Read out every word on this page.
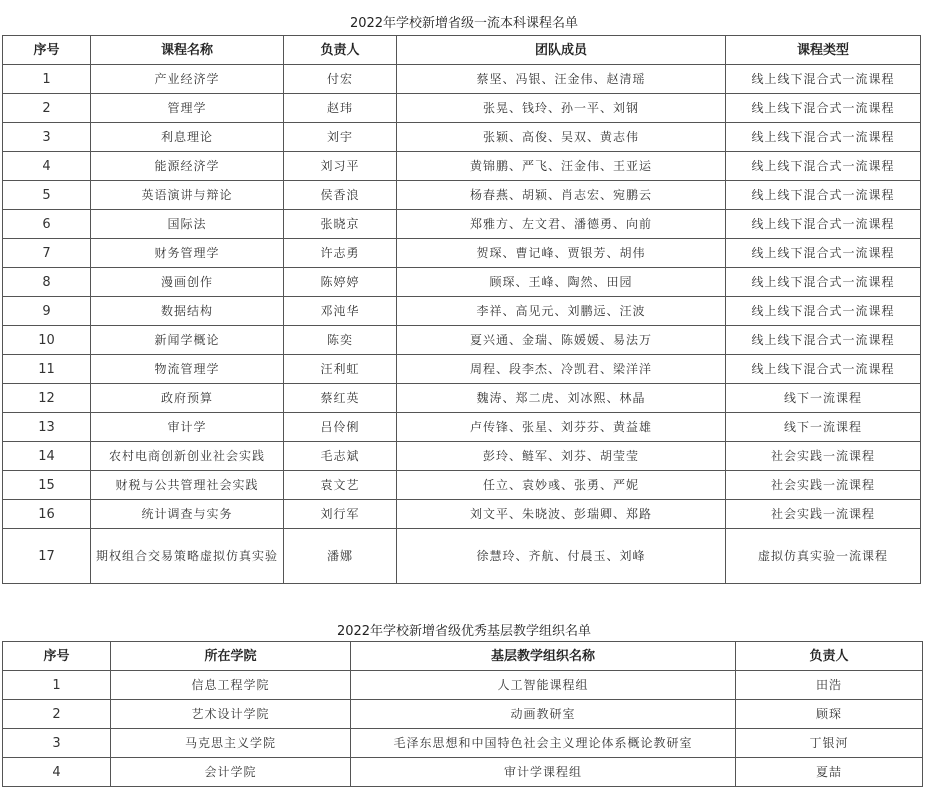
2022年学校新增省级一流本科课程名单
序号	课程名称	负责人	团队成员	课程类型
1	产业经济学	付宏	蔡坚、冯银、汪金伟、赵清瑶	线上线下混合式一流课程
2	管理学	赵玮	张晃、钱玲、孙一平、刘钢	线上线下混合式一流课程
3	利息理论	刘宇	张颖、高俊、吴双、黄志伟	线上线下混合式一流课程
4	能源经济学	刘习平	黄锦鹏、严飞、汪金伟、王亚运	线上线下混合式一流课程
5	英语演讲与辩论	侯香浪	杨春燕、胡颖、肖志宏、宛鹏云	线上线下混合式一流课程
6	国际法	张晓京	郑雅方、左文君、潘德勇、向前	线上线下混合式一流课程
7	财务管理学	许志勇	贺琛、曹记峰、贾银芳、胡伟	线上线下混合式一流课程
8	漫画创作	陈婷婷	顾琛、王峰、陶然、田园	线上线下混合式一流课程
9	数据结构	邓沌华	李祥、高见元、刘鹏远、汪波	线上线下混合式一流课程
10	新闻学概论	陈奕	夏兴通、金瑞、陈媛媛、易法万	线上线下混合式一流课程
11	物流管理学	汪利虹	周程、段李杰、冷凯君、梁洋洋	线上线下混合式一流课程
12	政府预算	蔡红英	魏涛、郑二虎、刘冰熙、林晶	线下一流课程
13	审计学	吕伶俐	卢传锋、张星、刘芬芬、黄益雄	线下一流课程
14	农村电商创新创业社会实践	毛志斌	彭玲、鲢军、刘芬、胡莹莹	社会实践一流课程
15	财税与公共管理社会实践	袁文艺	任立、袁妙彧、张勇、严妮	社会实践一流课程
16	统计调查与实务	刘行军	刘文平、朱晓波、彭瑞卿、郑路	社会实践一流课程
17	期权组合交易策略虚拟仿真实验	潘娜	徐慧玲、齐航、付晨玉、刘峰	虚拟仿真实验一流课程
2022年学校新增省级优秀基层教学组织名单
序号	所在学院	基层教学组织名称	负责人
1	信息工程学院	人工智能课程组	田浩
2	艺术设计学院	动画教研室	顾琛
3	马克思主义学院	毛泽东思想和中国特色社会主义理论体系概论教研室	丁银河
4	会计学院	审计学课程组	夏喆
